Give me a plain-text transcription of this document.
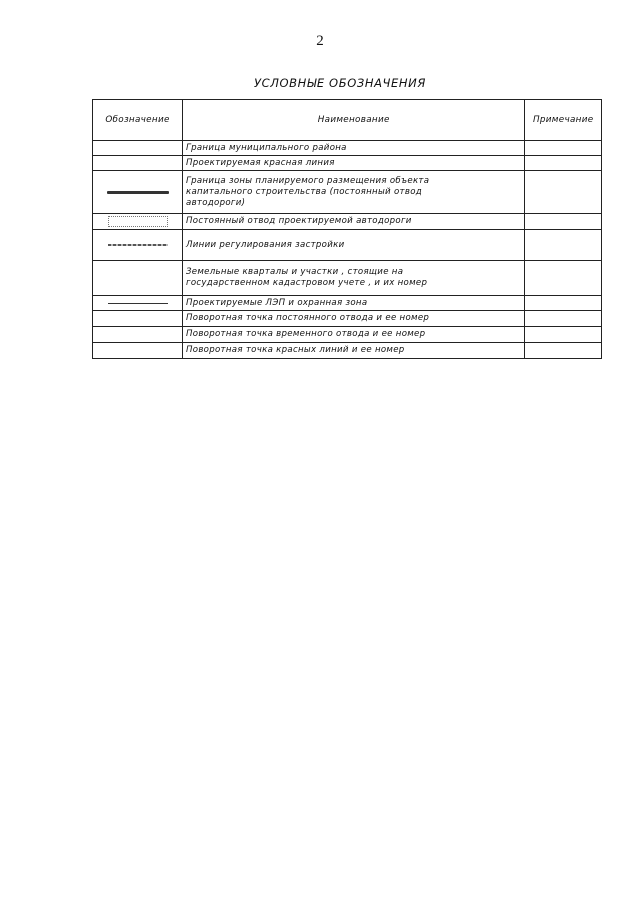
2
УСЛОВНЫЕ ОБОЗНАЧЕНИЯ
Обозначение	Наименование	Примечание

	Граница муниципального района	

	Проектируемая красная линия	

	Граница зоны планируемого размещения объекта
капитального строительства (постоянный отвод
автодороги)	

	Постоянный отвод проектируемой автодороги	

	Линии регулирования застройки	

	Земельные кварталы и участки , стоящие на
государственном кадастровом учете , и их номер	

	Проектируемые ЛЭП и охранная зона	

	Поворотная точка постоянного отвода и ее номер	

	Поворотная точка временного отвода и ее номер	

	Поворотная точка красных линий и ее номер	
